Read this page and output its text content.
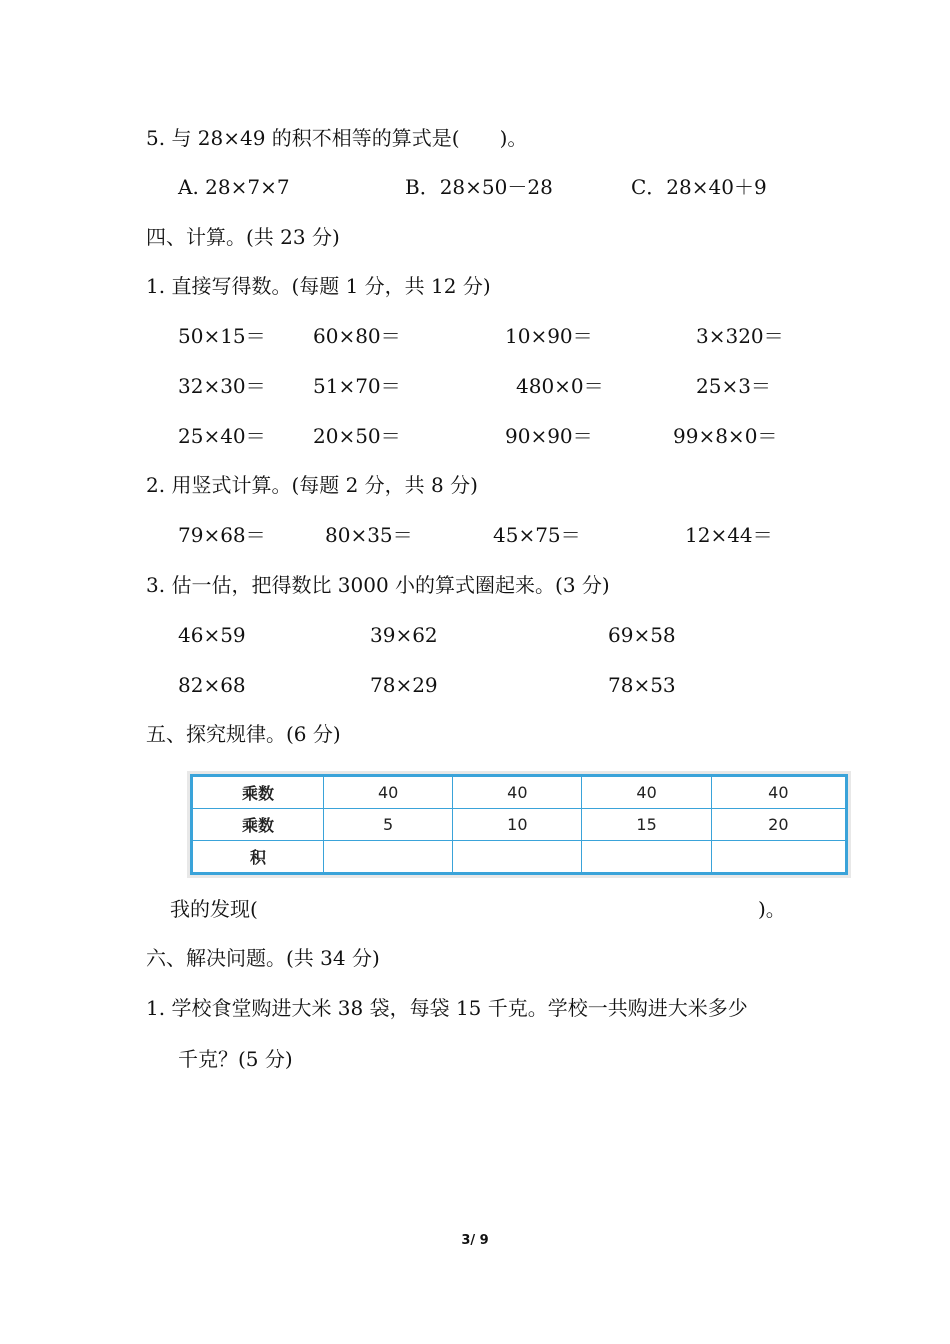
5. 与 28×49 的积不相等的算式是(　　)。
A. 28×7×7	B．28×50－28	C．28×40＋9
四、计算。(共 23 分)
1. 直接写得数。(每题 1 分，共 12 分)
50×15＝ 60×80＝	10×90＝	3×320＝
32×30＝ 51×70＝	480×0＝	25×3＝
25×40＝ 20×50＝	90×90＝	99×8×0＝
2. 用竖式计算。(每题 2 分，共 8 分)
79×68＝	80×35＝	45×75＝	12×44＝
3. 估一估，把得数比 3000 小的算式圈起来。(3 分)
46×59	39×62	69×58
82×68	78×29	78×53
五、探究规律。(6 分)
乘数	40	40	40	40
乘数	5	10	15	20
积				
我的发现(	)。
六、解决问题。(共 34 分)
1. 学校食堂购进大米 38 袋，每袋 15 千克。学校一共购进大米多少
千克？(5 分)
3/ 9
